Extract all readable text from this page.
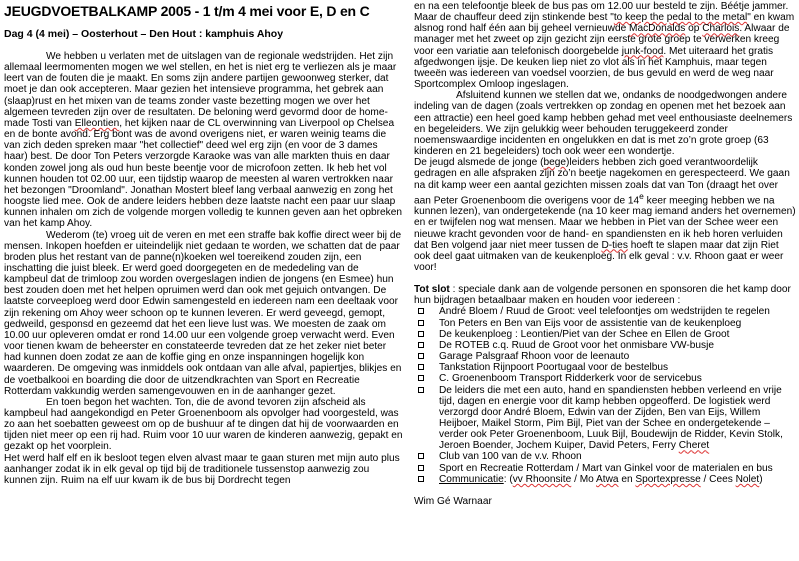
JEUGDVOETBALKAMP 2005 - 1 t/m 4 mei voor E, D en C

Dag 4 (4 mei) – Oosterhout – Den Hout : kamphuis Ahoy

We hebben u verlaten met de uitslagen van de regionale wedstrijden. Het zijn allemaal leermomenten mogen we wel stellen, en het is niet erg te verliezen als je maar leert van de fouten die je maakt. En soms zijn andere partijen gewoonweg sterker, dat moet je dan ook accepteren. Maar gezien het intensieve programma, het gebrek aan (slaap)rust en het mixen van de teams zonder vaste bezetting mogen we over het algemeen tevreden zijn over de resultaten. De beloning werd gevormd door de home-made Tosti van Elleontien, het kijken naar de CL overwinning van Liverpool op Chelsea en de bonte avond. Erg bont was de avond overigens niet, er waren weinig teams die van zich deden spreken maar "het collectief" deed wel erg zijn (en voor de 3 dames haar) best. De door Ton Peters verzorgde Karaoke was van alle markten thuis en daar konden zowel jong als oud hun beste beentje voor de microfoon zetten. Ik heb het vol kunnen houden tot 02.00 uur, een tijdstip waarop de meesten al waren vertrokken naar het bezongen "Droomland". Jonathan Mostert bleef lang verbaal aanwezig en zong het hoogste lied mee. Ook de andere leiders hebben deze laatste nacht een paar uur slaap kunnen inhalen om zich de volgende morgen volledig te kunnen geven aan het opbreken van het kamp Ahoy.

Wederom (te) vroeg uit de veren en met een straffe bak koffie direct weer bij de mensen. Inkopen hoefden er uiteindelijk niet gedaan te worden, we schatten dat de paar broden plus het restant van de panne(n)koeken wel toereikend zouden zijn, een inschatting die juist bleek. Er werd goed doorgegeten en de mededeling van de kampbeul dat de trimloop zou worden overgeslagen indien de jongens (en Esmee) hun best zouden doen met het helpen opruimen werd dan ook met gejuich ontvangen. De laatste corveeploeg werd door Edwin samengesteld en iedereen nam een deeltaak voor zijn rekening om Ahoy weer schoon op te kunnen leveren. Er werd geveegd, gemopt, gedweild, gesponsd en gezeemd dat het een lieve lust was. We moesten de zaak om 10.00 uur opleveren omdat er rond 14.00 uur een volgende groep verwacht werd. Even voor tienen kwam de beheerster en constateerde tevreden dat ze het zeker niet beter had kunnen doen zodat ze aan de koffie ging en onze inspanningen hogelijk kon waarderen. De omgeving was inmiddels ook ontdaan van alle afval, papiertjes, blikjes en de voetbalkooi en boarding die door de uitzendkrachten van Sport en Recreatie Rotterdam vakkundig werden samengevouwen en in de aanhanger gezet.

En toen begon het wachten. Ton, die de avond tevoren zijn afscheid als kampbeul had aangekondigd en Peter Groenenboom als opvolger had voorgesteld, was zo aan het soebatten geweest om op de bushuur af te dingen dat hij de voorwaarden en tijden niet meer op een rij had. Ruim voor 10 uur waren de kinderen aanwezig, gepakt en gezakt op het voorplein.

Het werd half elf en ik besloot tegen elven alvast maar te gaan sturen met mijn auto plus aanhanger zodat ik in elk geval op tijd bij de traditionele tussenstop aanwezig zou kunnen zijn. Ruim na elf uur kwam ik de bus bij Dordrecht tegen

en na een telefoontje bleek de bus pas om 12.00 uur besteld te zijn. Béétje jammer. Maar de chauffeur deed zijn stinkende best "to keep the pedal to the metal" en kwam alsnog rond half één aan bij geheel vernieuwde MacDonalds op Charlois. Alwaar de manager met het zweet op zijn gezicht zijn eerste grote groep te verwerken kreeg voor een variatie aan telefonisch doorgebelde junk-food. Met uiteraard het gratis afgedwongen ijsje. De keuken liep niet zo vlot als in het Kamphuis, maar tegen tweeën was iedereen van voedsel voorzien, de bus gevuld en werd de weg naar Sportcomplex Omloop ingeslagen.

Afsluitend kunnen we stellen dat we, ondanks de noodgedwongen andere indeling van de dagen (zoals vertrekken op zondag en openen met het bezoek aan een attractie) een heel goed kamp hebben gehad met veel enthousiaste deelnemers en begeleiders. We zijn gelukkig weer behouden teruggekeerd zonder noemenswaardige incidenten en ongelukken en dat is met zo’n grote groep (63 kinderen en 21 begeleiders) toch ook weer een wondertje.

De jeugd alsmede de jonge (bege)leiders hebben zich goed verantwoordelijk gedragen en alle afspraken zijn zo’n beetje nagekomen en gerespecteerd. We gaan na dit kamp weer een aantal gezichten missen zoals dat van Ton (draagt het over aan Peter Groenenboom die overigens voor de 14e keer meeging hebben we na kunnen lezen), van ondergetekende (na 10 keer mag iemand anders het overnemen) en er twijfelen nog wat mensen. Maar we hebben in Piet van der Schee weer een nieuwe kracht gevonden voor de hand- en spandiensten en ik heb horen verluiden dat Ben volgend jaar niet meer tussen de D-ties hoeft te slapen maar dat zijn Riet ook deel gaat uitmaken van de keukenploeg. In elk geval : v.v. Rhoon gaat er weer voor!

Tot slot : speciale dank aan de volgende personen en sponsoren die het kamp door hun bijdragen betaalbaar maken en houden voor iedereen :

André Bloem / Ruud de Groot: veel telefoontjes om wedstrijden te regelen
Ton Peters en Ben van Eijs voor de assistentie van de keukenploeg
De keukenploeg : Leontien/Piet van der Schee en Ellen de Groot
De ROTEB c.q. Ruud de Groot voor het onmisbare VW-busje
Garage Palsgraaf Rhoon voor de leenauto
Tankstation Rijnpoort Poortugaal voor de bestelbus
C. Groenenboom Transport Ridderkerk voor de servicebus
De leiders die met een auto, hand en spandiensten hebben verleend en vrije tijd, dagen en energie voor dit kamp hebben opgeofferd. De logistiek werd verzorgd door André Bloem, Edwin van der Zijden, Ben van Eijs, Willem Heijboer, Maikel Storm, Pim Bijl, Piet van der Schee en ondergetekende – verder ook Peter Groenenboom, Luuk Bijl, Boudewijn de Ridder, Kevin Stolk, Jeroen Boender, Jochem Kuiper, David Peters, Ferry Cheret
Club van 100 van de v.v. Rhoon
Sport en Recreatie Rotterdam / Mart van Ginkel voor de materialen en bus
Communicatie: (vv Rhoonsite / Mo Atwa en Sportexpresse / Cees Nolet)

Wim Gé Warnaar
